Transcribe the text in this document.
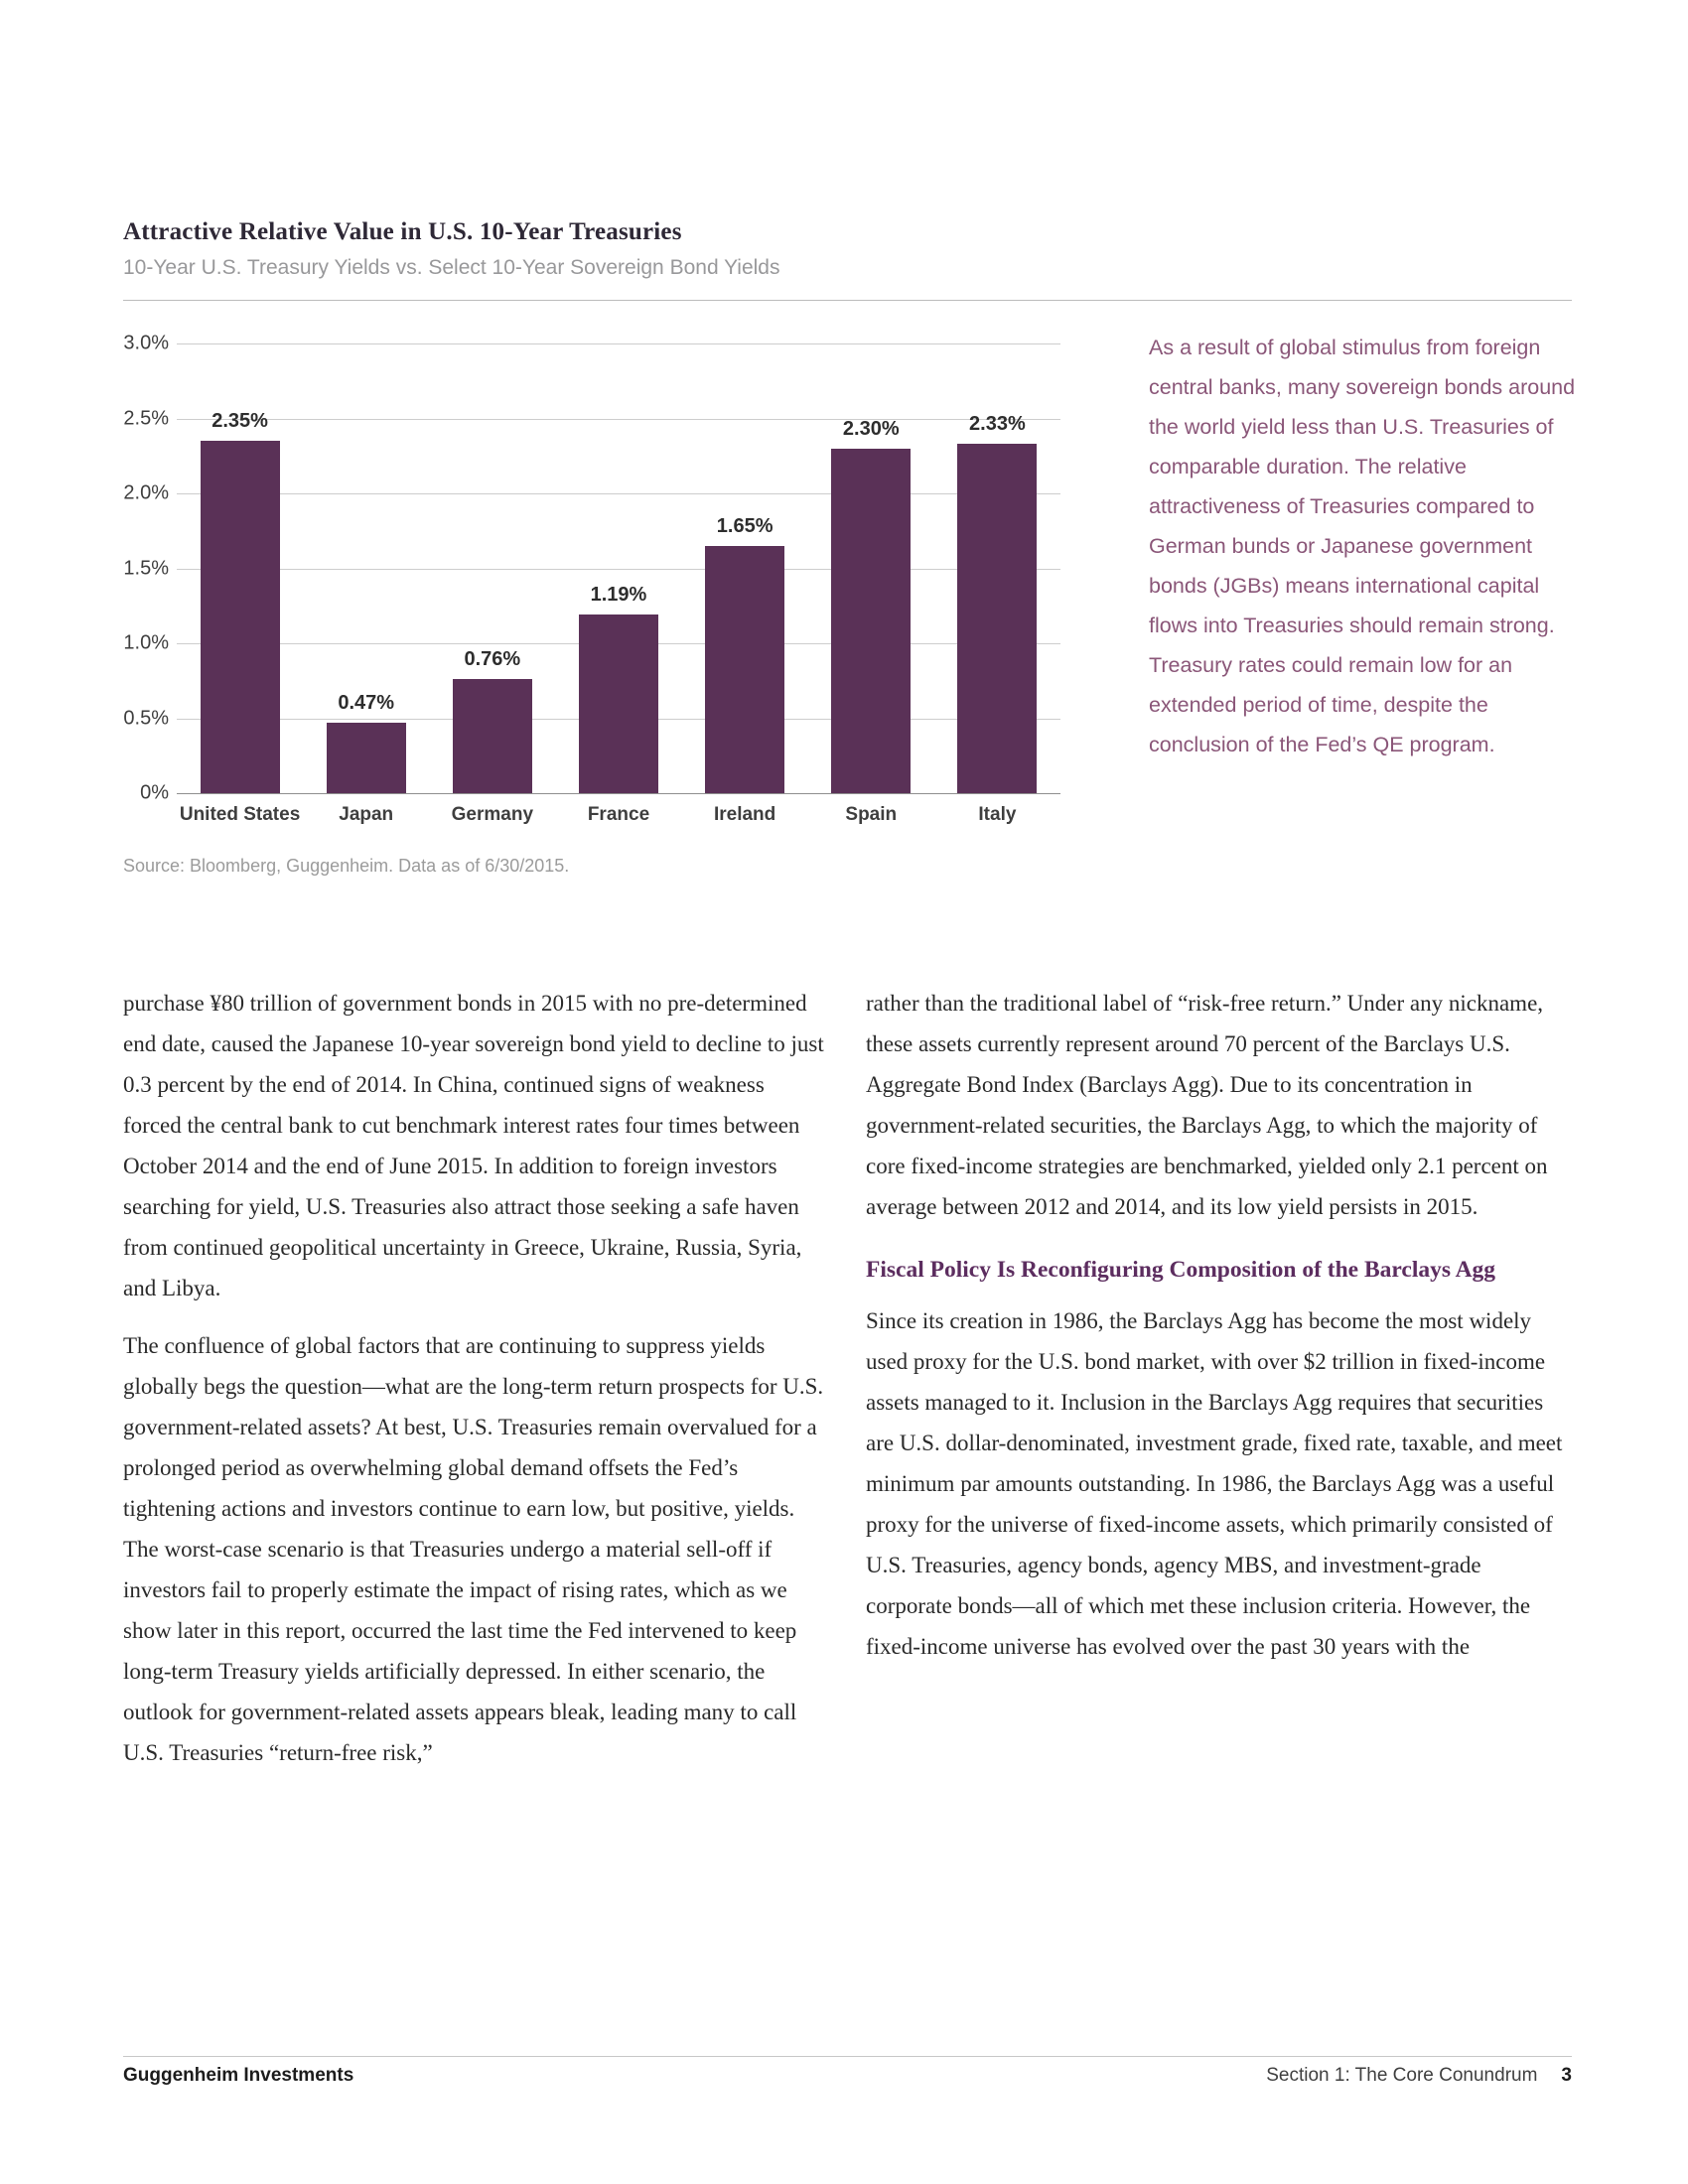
Attractive Relative Value in U.S. 10-Year Treasuries
10-Year U.S. Treasury Yields vs. Select 10-Year Sovereign Bond Yields
3.0%
2.5%
2.0%
1.5%
1.0%
0.5%
0%
2.35%
United States
0.47%
Japan
0.76%
Germany
1.19%
France
1.65%
Ireland
2.30%
Spain
2.33%
Italy
Source: Bloomberg, Guggenheim. Data as of 6/30/2015.
As a result of global stimulus from foreign central banks, many sovereign bonds around the world yield less than U.S. Treasuries of comparable duration. The relative attractiveness of Treasuries compared to German bunds or Japanese government bonds (JGBs) means international capital flows into Treasuries should remain strong. Treasury rates could remain low for an extended period of time, despite the conclusion of the Fed’s QE program.

purchase ¥80 trillion of government bonds in 2015 with no pre-determined end date, caused the Japanese 10-year sovereign bond yield to decline to just 0.3 percent by the end of 2014. In China, continued signs of weakness forced the central bank to cut benchmark interest rates four times between October 2014 and the end of June 2015. In addition to foreign investors searching for yield, U.S. Treasuries also attract those seeking a safe haven from continued geopolitical uncertainty in Greece, Ukraine, Russia, Syria, and Libya.

The confluence of global factors that are continuing to suppress yields globally begs the question—what are the long-term return prospects for U.S. government-related assets? At best, U.S. Treasuries remain overvalued for a prolonged period as overwhelming global demand offsets the Fed’s tightening actions and investors continue to earn low, but positive, yields. The worst-case scenario is that Treasuries undergo a material sell-off if investors fail to properly estimate the impact of rising rates, which as we show later in this report, occurred the last time the Fed intervened to keep long-term Treasury yields artificially depressed. In either scenario, the outlook for government-related assets appears bleak, leading many to call U.S. Treasuries “return-free risk,”

rather than the traditional label of “risk-free return.” Under any nickname, these assets currently represent around 70 percent of the Barclays U.S. Aggregate Bond Index (Barclays Agg). Due to its concentration in government-related securities, the Barclays Agg, to which the majority of core fixed-income strategies are benchmarked, yielded only 2.1 percent on average between 2012 and 2014, and its low yield persists in 2015.

Fiscal Policy Is Reconfiguring Composition of the Barclays Agg

Since its creation in 1986, the Barclays Agg has become the most widely used proxy for the U.S. bond market, with over $2 trillion in fixed-income assets managed to it. Inclusion in the Barclays Agg requires that securities are U.S. dollar-denominated, investment grade, fixed rate, taxable, and meet minimum par amounts outstanding. In 1986, the Barclays Agg was a useful proxy for the universe of fixed-income assets, which primarily consisted of U.S. Treasuries, agency bonds, agency MBS, and investment-grade corporate bonds—all of which met these inclusion criteria. However, the fixed-income universe has evolved over the past 30 years with the

Guggenheim Investments	Section 1: The Core Conundrum 3
